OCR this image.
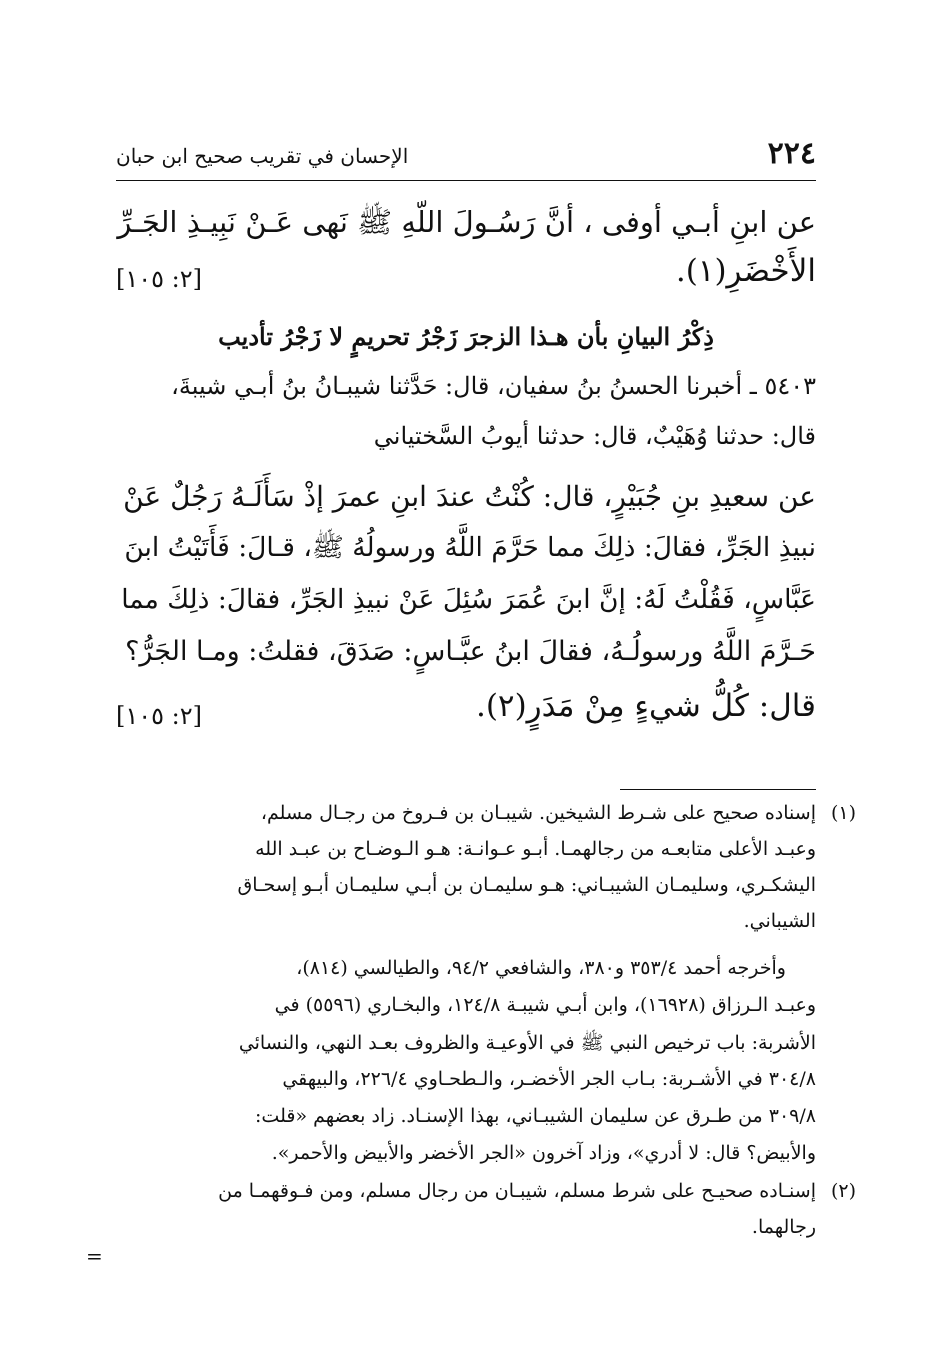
٢٢٤
الإحسان في تقريب صحيح ابن حبان
عن ابنِ أبـي أوفى ، أنَّ رَسُـولَ اللّهِ ﷺ نَهى عَـنْ نَبِيـذِ الجَـرِّ
الأَخْضَرِ(١).
[٢: ١٠٥]
ذِكْرُ البيانِ بأن هـذا الزجرَ زَجْرُ تحريمٍ لا زَجْرُ تأديب
٥٤٠٣ ـ أخبرنا الحسنُ بنُ سفيان، قال: حَدَّثنا شيبـانُ بنُ أبـي شيبةَ،
قال: حدثنا وُهَيْبٌ، قال: حدثنا أيوبُ السَّختياني
عن سعيدِ بنِ جُبَيْرٍ، قال: كُنْتُ عندَ ابنِ عمرَ إذْ سَأَلَـهُ رَجُلٌ عَنْ
نبيذِ الجَرِّ، فقالَ: ذلِكَ مما حَرَّمَ اللَّهُ ورسولُهُ ﷺ، قـالَ: فَأَتَيْتُ ابنَ
عَبَّاسٍ، فَقُلْتُ لَهُ: إنَّ ابنَ عُمَرَ سُئِلَ عَنْ نبيذِ الجَرِّ، فقالَ: ذلِكَ مما
حَـرَّمَ اللَّهُ ورسولُـهُ، فقالَ ابنُ عبَّـاسٍ: صَدَقَ، فقلتُ: ومـا الجَرُّ؟
قال: كُلُّ شيءٍ مِنْ مَدَرٍ(٢).
[٢: ١٠٥]
(١)
إسناده صحيح على شـرط الشيخين. شيبـان بن فـروخ من رجـال مسلم،
وعبـد الأعلى متابعـه من رجالهمـا. أبـو عـوانـة: هـو الـوضـاح بن عبـد الله
اليشكـري، وسليمـان الشيبـاني: هـو سليمـان بن أبـي سليمـان أبـو إسحـاق
الشيباني.
وأخرجه أحمد ٣٥٣/٤ و٣٨٠، والشافعي ٩٤/٢، والطيالسي (٨١٤)،
وعبـد الـرزاق (١٦٩٢٨)، وابن أبـي شيبـة ١٢٤/٨، والبخـاري (٥٥٩٦) في
الأشربة: باب ترخيص النبي ﷺ في الأوعيـة والظروف بعـد النهي، والنسائي
٣٠٤/٨ في الأشـربة: بـاب الجر الأخضـر، والـطحـاوي ٢٢٦/٤، والبيهقي
٣٠٩/٨ من طـرق عن سليمان الشيبـاني، بهذا الإسنـاد. زاد بعضهم «قلت:
والأبيض؟ قال: لا أدري»، وزاد آخرون «الجر الأخضر والأبيض والأحمر».
(٢)
إسنـاده صحيـح على شرط مسلم، شيبـان من رجال مسلم، ومن فـوقهمـا من
رجالهما.
=
